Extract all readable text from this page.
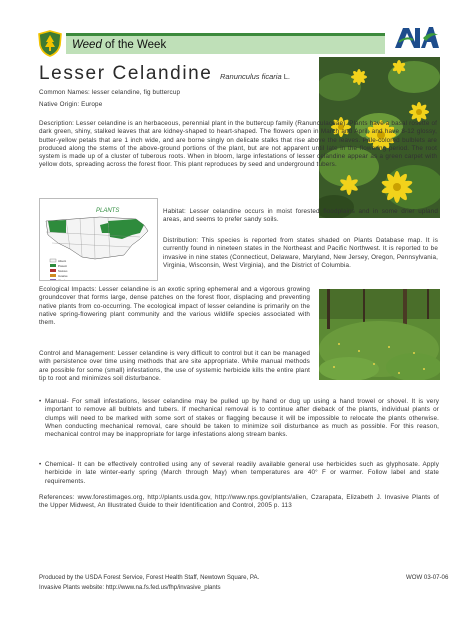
Weed of the Week
Lesser Celandine Ranunculus ficaria L.
Common Names: lesser celandine, fig buttercup
Native Origin: Europe
Description: Lesser celandine is an herbaceous, perennial plant in the buttercup family (Ranunculaceae). Plants have a basal rosette of dark green, shiny, stalked leaves that are kidney-shaped to heart-shaped. The flowers open in March and April, and have 8-12 glossy, butter-yellow petals that are 1 inch wide, and are borne singly on delicate stalks that rise above the leaves. Pale-colored bulblets are produced along the stems of the above-ground portions of the plant, but are not apparent until late in the flowering period. The root system is made up of a cluster of tuberous roots. When in bloom, large infestations of lesser celandine appear as a green carpet with yellow dots, spreading across the forest floor. This plant reproduces by seed and underground tubers.
PLANTS
Absent
Present
Noxious
Invasive
Weedy
Habitat: Lesser celandine occurs in moist forested floodplains and in some drier upland areas, and seems to prefer sandy soils.
Distribution: This species is reported from states shaded on Plants Database map. It is currently found in nineteen states in the Northeast and Pacific Northwest. It is reported to be invasive in nine states (Connecticut, Delaware, Maryland, New Jersey, Oregon, Pennsylvania, Virginia, Wisconsin, West Virginia), and the District of Columbia.
Ecological Impacts: Lesser celandine is an exotic spring ephemeral and a vigorous growing groundcover that forms large, dense patches on the forest floor, displacing and preventing native plants from co-occurring. The ecological impact of lesser celandine is primarily on the native spring-flowering plant community and the various wildlife species associated with them.
Control and Management: Lesser celandine is very difficult to control but it can be managed with persistence over time using methods that are site appropriate. While manual methods are possible for some (small) infestations, the use of systemic herbicide kills the entire plant tip to root and minimizes soil disturbance.
• Manual- For small infestations, lesser celandine may be pulled up by hand or dug up using a hand trowel or shovel. It is very important to remove all bulblets and tubers. If mechanical removal is to continue after dieback of the plants, individual plants or clumps will need to be marked with some sort of stakes or flagging because it will be impossible to relocate the plants otherwise. When conducting mechanical removal, care should be taken to minimize soil disturbance as much as possible. For this reason, mechanical control may be inappropriate for large infestations along stream banks.
• Chemical- It can be effectively controlled using any of several readily available general use herbicides such as glyphosate. Apply herbicide in late winter-early spring (March through May) when temperatures are 40° F or warmer. Follow label and state requirements.
References: www.forestimages.org, http://plants.usda.gov, http://www.nps.gov/plants/alien, Czarapata, Elizabeth J. Invasive Plants of the Upper Midwest, An Illustrated Guide to their Identification and Control, 2005 p. 113
Produced by the USDA Forest Service, Forest Health Staff, Newtown Square, PA.	WOW 03-07-06
Invasive Plants website: http://www.na.fs.fed.us/fhp/invasive_plants
